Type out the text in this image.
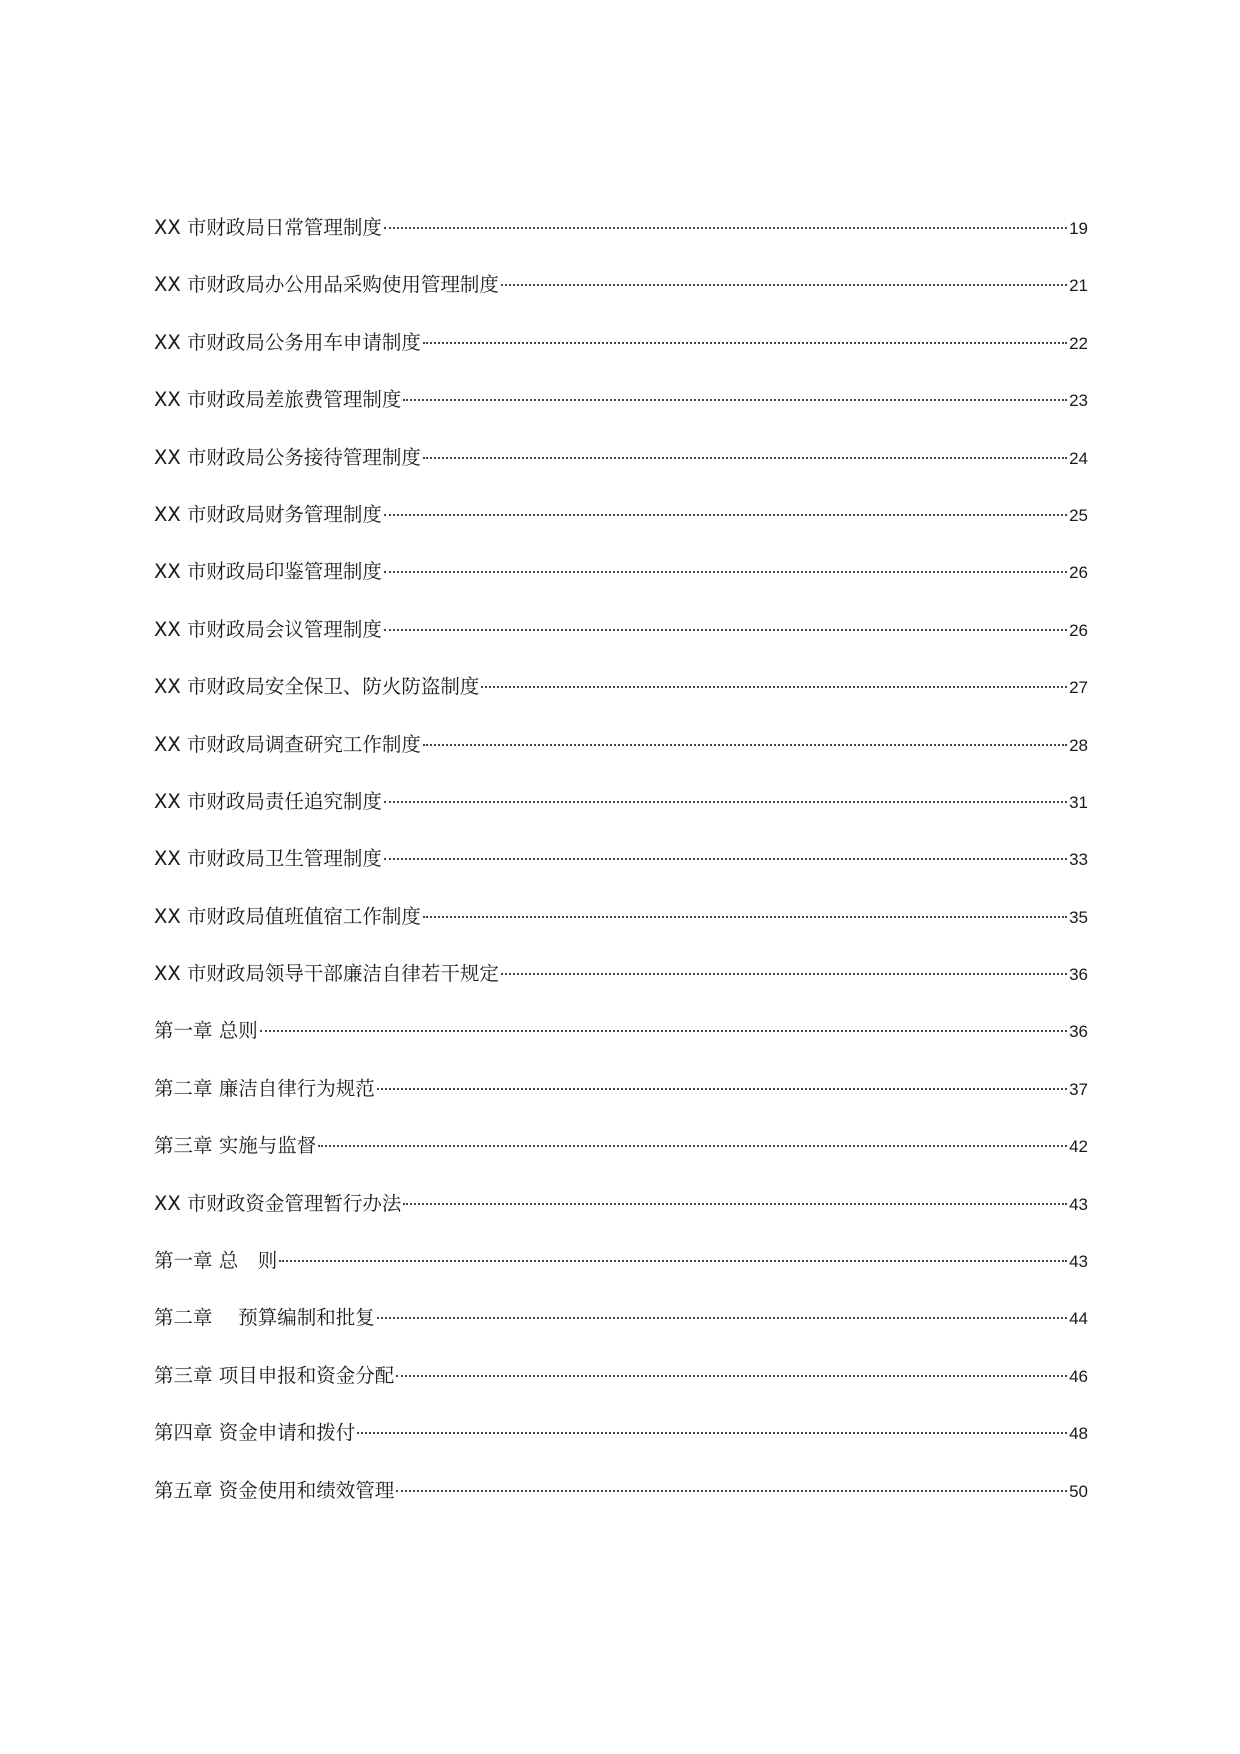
XX 市财政局日常管理制度	19
XX 市财政局办公用品采购使用管理制度	21
XX 市财政局公务用车申请制度	22
XX 市财政局差旅费管理制度	23
XX 市财政局公务接待管理制度	24
XX 市财政局财务管理制度	25
XX 市财政局印鉴管理制度	26
XX 市财政局会议管理制度	26
XX 市财政局安全保卫、防火防盗制度	27
XX 市财政局调查研究工作制度	28
XX 市财政局责任追究制度	31
XX 市财政局卫生管理制度	33
XX 市财政局值班值宿工作制度	35
XX 市财政局领导干部廉洁自律若干规定	36
第一章 总则	36
第二章 廉洁自律行为规范	37
第三章 实施与监督	42
XX 市财政资金管理暂行办法	43
第一章 总　则	43
第二章　 预算编制和批复	44
第三章 项目申报和资金分配	46
第四章 资金申请和拨付	48
第五章 资金使用和绩效管理	50
